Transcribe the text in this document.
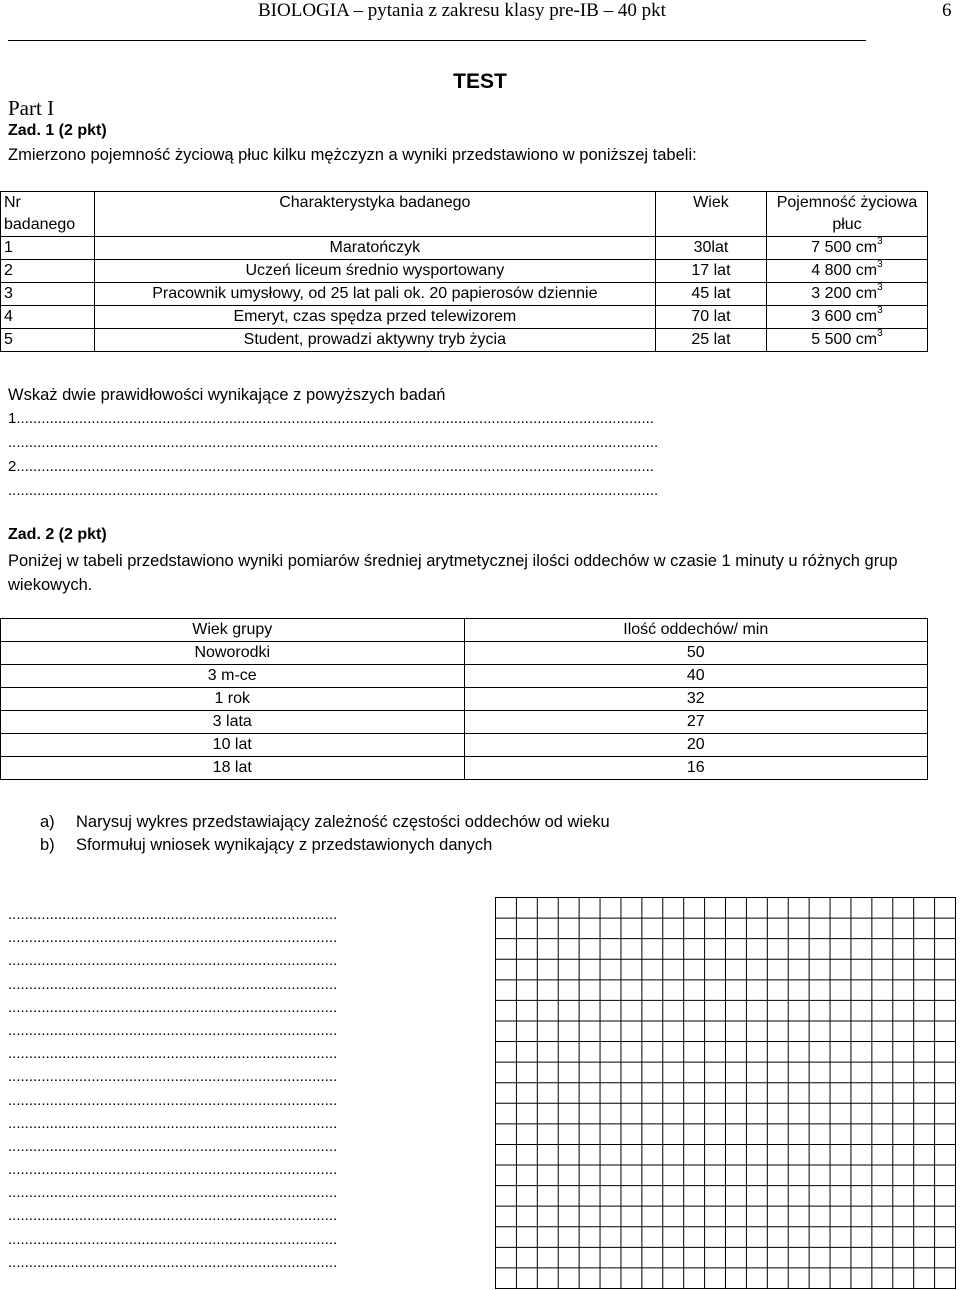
BIOLOGIA – pytania z zakresu klasy pre-IB – 40 pkt	6
TEST
Part I
Zad. 1 (2 pkt)
Zmierzono pojemność życiową płuc kilku mężczyzn a wyniki przedstawiono w poniższej tabeli:
Nr badanego	Charakterystyka badanego	Wiek	Pojemność życiowa płuc
1	Maratończyk	30lat	7 500 $cm^3$
2	Uczeń liceum średnio wysportowany	17 lat	4 800 $cm^3$
3	Pracownik umysłowy, od 25 lat pali ok. 20 papierosów dziennie	45 lat	3 200 $cm^3$
4	Emeryt, czas spędza przed telewizorem	70 lat	3 600 $cm^3$
5	Student, prowadzi aktywny tryb życia	25 lat	5 500 $cm^3$
Wskaż dwie prawidłowości wynikające z powyższych badań
1.........................................................................................................................................................
............................................................................................................................................................
2.........................................................................................................................................................
............................................................................................................................................................
Zad. 2 (2 pkt)
Poniżej w tabeli przedstawiono wyniki pomiarów średniej arytmetycznej ilości oddechów w czasie 1 minuty u różnych grup wiekowych.
Wiek grupy	Ilość oddechów/ min
Noworodki	50
3 m-ce	40
1 rok	32
3 lata	27
10 lat	20
18 lat	16
a) Narysuj wykres przedstawiający zależność częstości oddechów od wieku
b) Sformułuj wniosek wynikający z przedstawionych danych
...............................................................................
...............................................................................
...............................................................................
...............................................................................
...............................................................................
...............................................................................
...............................................................................
...............................................................................
...............................................................................
...............................................................................
...............................................................................
...............................................................................
...............................................................................
...............................................................................
...............................................................................
...............................................................................
